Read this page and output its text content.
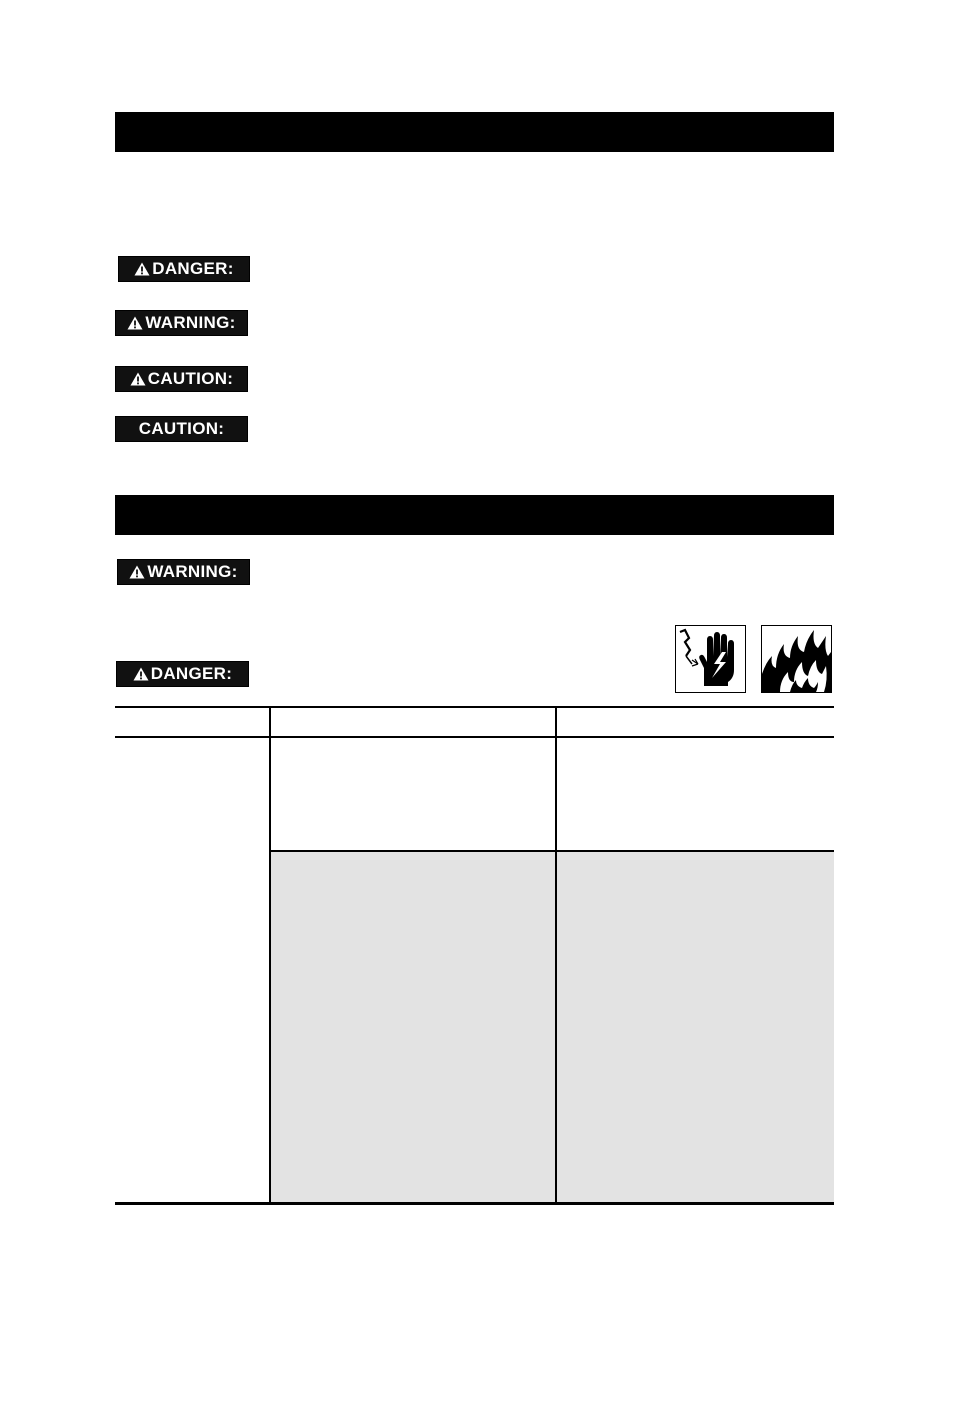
DANGER:
WARNING:
CAUTION:
CAUTION:
WARNING:
DANGER:
